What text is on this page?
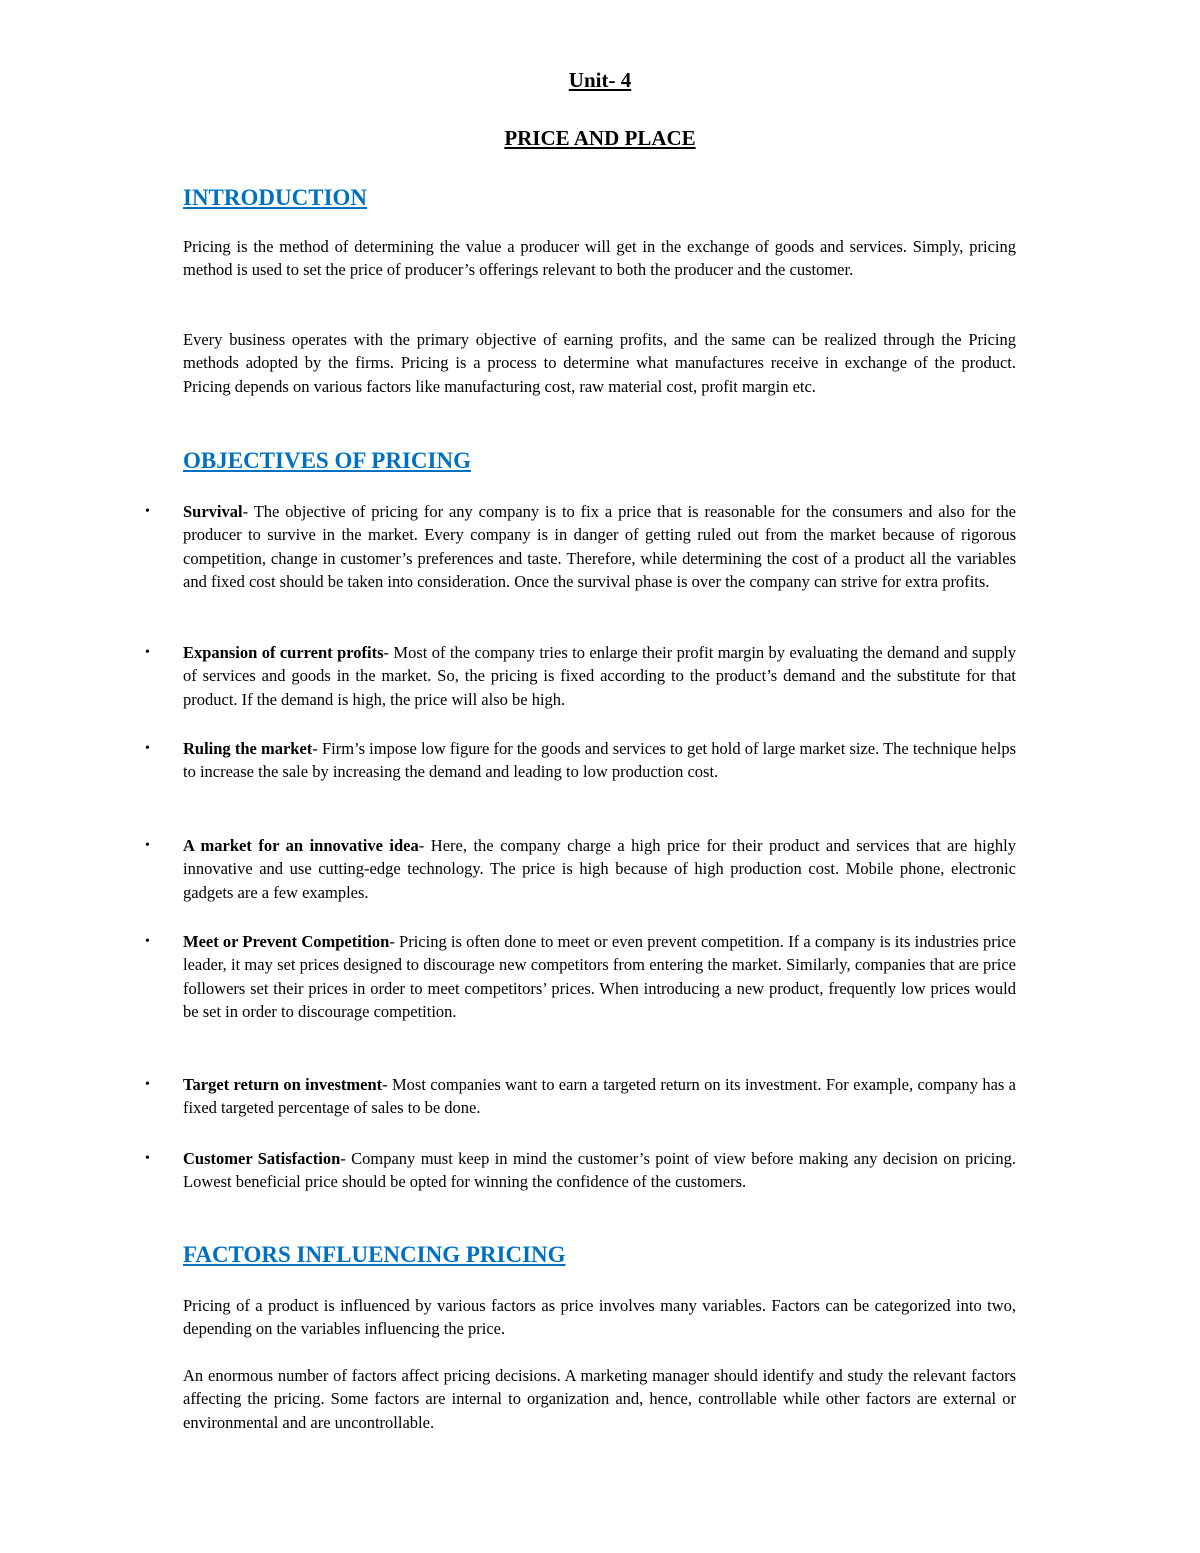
Unit- 4
PRICE AND PLACE
INTRODUCTION

Pricing is the method of determining the value a producer will get in the exchange of goods and services. Simply, pricing method is used to set the price of producer’s offerings relevant to both the producer and the customer.

Every business operates with the primary objective of earning profits, and the same can be realized through the Pricing methods adopted by the firms. Pricing is a process to determine what manufactures receive in exchange of the product. Pricing depends on various factors like manufacturing cost, raw material cost, profit margin etc.

OBJECTIVES OF PRICING
• Survival- The objective of pricing for any company is to fix a price that is reasonable for the consumers and also for the producer to survive in the market. Every company is in danger of getting ruled out from the market because of rigorous competition, change in customer’s preferences and taste. Therefore, while determining the cost of a product all the variables and fixed cost should be taken into consideration. Once the survival phase is over the company can strive for extra profits.
• Expansion of current profits- Most of the company tries to enlarge their profit margin by evaluating the demand and supply of services and goods in the market. So, the pricing is fixed according to the product’s demand and the substitute for that product. If the demand is high, the price will also be high.
• Ruling the market- Firm’s impose low figure for the goods and services to get hold of large market size. The technique helps to increase the sale by increasing the demand and leading to low production cost.
• A market for an innovative idea- Here, the company charge a high price for their product and services that are highly innovative and use cutting-edge technology. The price is high because of high production cost. Mobile phone, electronic gadgets are a few examples.
• Meet or Prevent Competition- Pricing is often done to meet or even prevent competition. If a company is its industries price leader, it may set prices designed to discourage new competitors from entering the market. Similarly, companies that are price followers set their prices in order to meet competitors’ prices. When introducing a new product, frequently low prices would be set in order to discourage competition.
• Target return on investment- Most companies want to earn a targeted return on its investment. For example, company has a fixed targeted percentage of sales to be done.
• Customer Satisfaction- Company must keep in mind the customer’s point of view before making any decision on pricing. Lowest beneficial price should be opted for winning the confidence of the customers.
FACTORS INFLUENCING PRICING

Pricing of a product is influenced by various factors as price involves many variables. Factors can be categorized into two, depending on the variables influencing the price.

An enormous number of factors affect pricing decisions. A marketing manager should identify and study the relevant factors affecting the pricing. Some factors are internal to organization and, hence, controllable while other factors are external or environmental and are uncontrollable.
